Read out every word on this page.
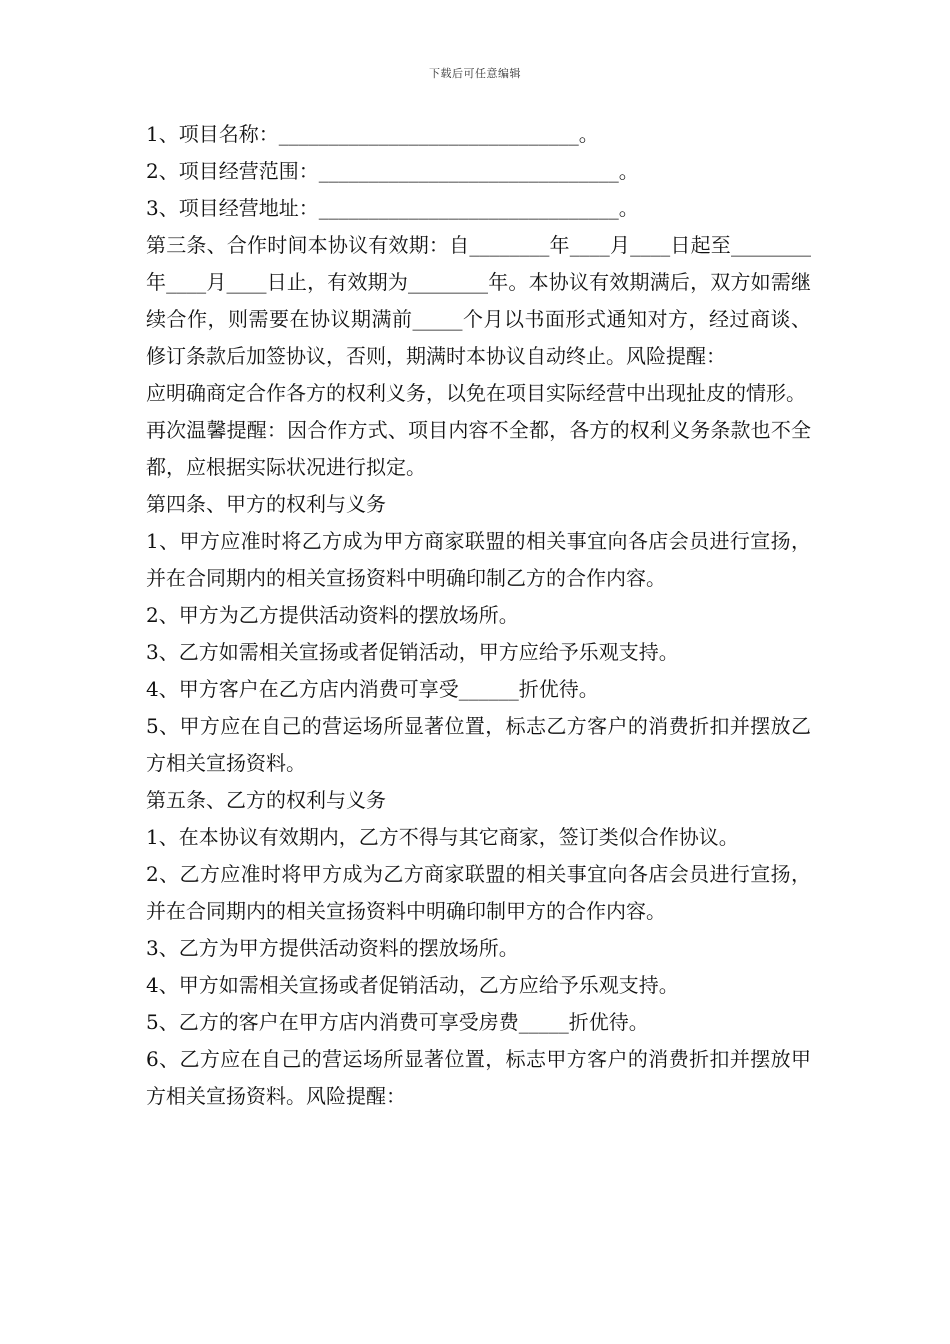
下载后可任意编辑

1、项目名称：______________________________。

2、项目经营范围：______________________________。

3、项目经营地址：______________________________。

第三条、合作时间本协议有效期：自________年____月____日起至________年____月____日止，有效期为________年。本协议有效期满后，双方如需继续合作，则需要在协议期满前_____个月以书面形式通知对方，经过商谈、修订条款后加签协议，否则，期满时本协议自动终止。风险提醒：

应明确商定合作各方的权利义务，以免在项目实际经营中出现扯皮的情形。

再次温馨提醒：因合作方式、项目内容不全都，各方的权利义务条款也不全都，应根据实际状况进行拟定。

第四条、甲方的权利与义务

1、甲方应准时将乙方成为甲方商家联盟的相关事宜向各店会员进行宣扬，并在合同期内的相关宣扬资料中明确印制乙方的合作内容。

2、甲方为乙方提供活动资料的摆放场所。

3、乙方如需相关宣扬或者促销活动，甲方应给予乐观支持。

4、甲方客户在乙方店内消费可享受______折优待。

5、甲方应在自己的营运场所显著位置，标志乙方客户的消费折扣并摆放乙方相关宣扬资料。

第五条、乙方的权利与义务

1、在本协议有效期内，乙方不得与其它商家，签订类似合作协议。

2、乙方应准时将甲方成为乙方商家联盟的相关事宜向各店会员进行宣扬，并在合同期内的相关宣扬资料中明确印制甲方的合作内容。

3、乙方为甲方提供活动资料的摆放场所。

4、甲方如需相关宣扬或者促销活动，乙方应给予乐观支持。

5、乙方的客户在甲方店内消费可享受房费_____折优待。

6、乙方应在自己的营运场所显著位置，标志甲方客户的消费折扣并摆放甲方相关宣扬资料。风险提醒：
